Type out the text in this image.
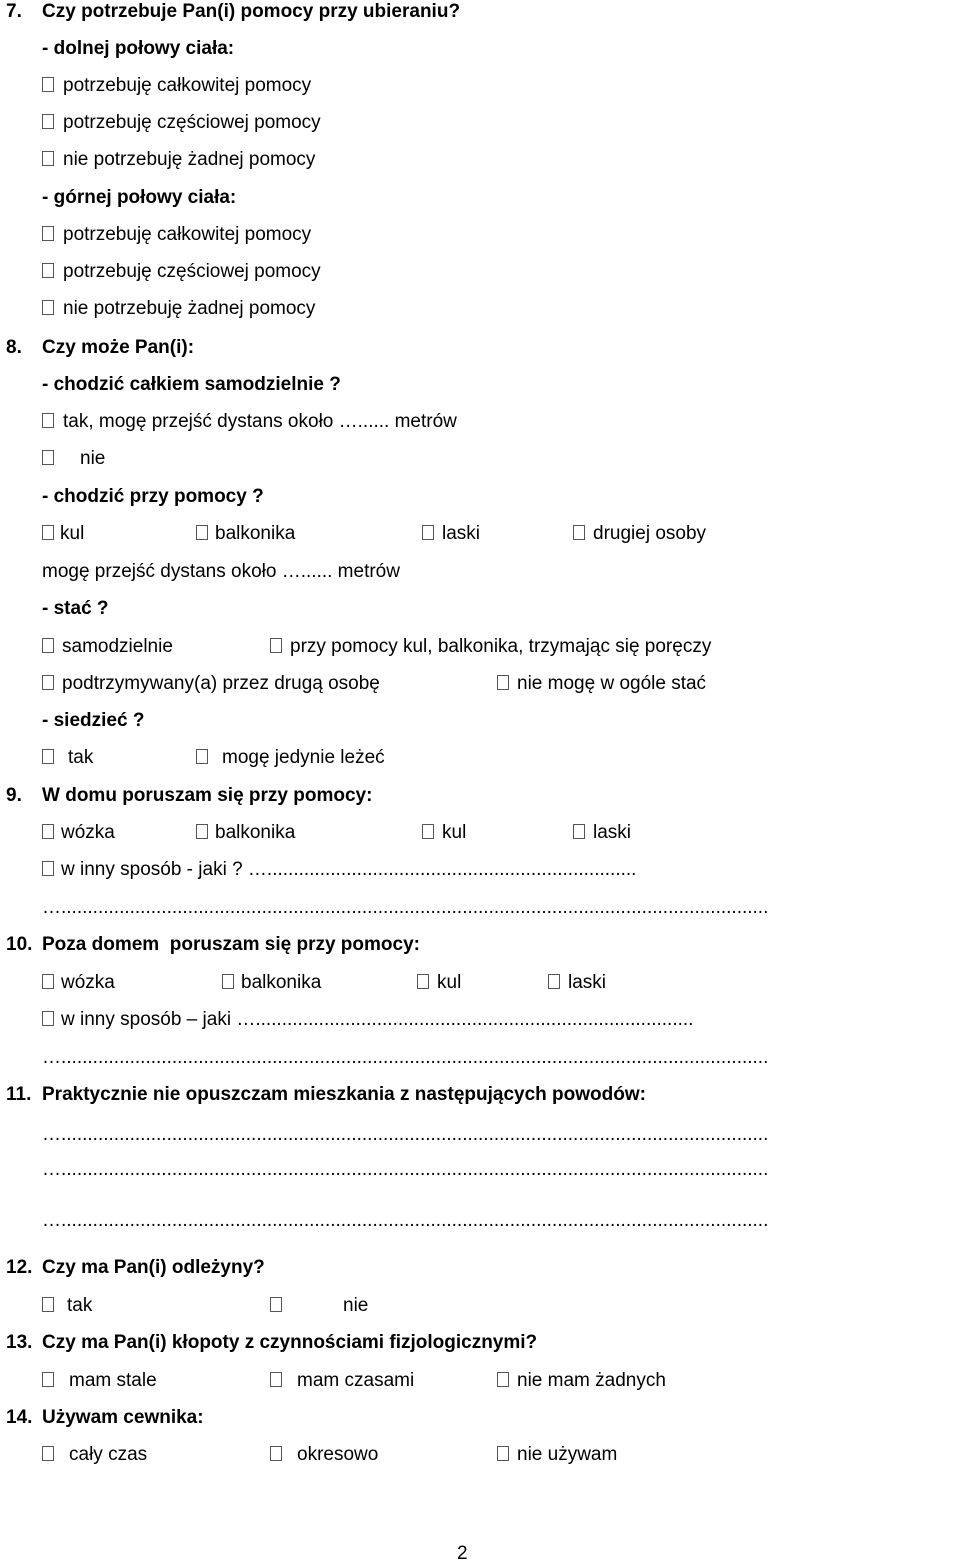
7. Czy potrzebuje Pan(i) pomocy przy ubieraniu?
- dolnej połowy ciała:
potrzebuję całkowitej pomocy
potrzebuję częściowej pomocy
nie potrzebuję żadnej pomocy
- górnej połowy ciała:
potrzebuję całkowitej pomocy
potrzebuję częściowej pomocy
nie potrzebuję żadnej pomocy
8. Czy może Pan(i):
- chodzić całkiem samodzielnie ?
tak, mogę przejść dystans około …...... metrów
nie
- chodzić przy pomocy ?
kul	balkonika	laski	drugiej osoby
mogę przejść dystans około …...... metrów
- stać ?
samodzielnie	przy pomocy kul, balkonika, trzymając się poręczy
podtrzymywany(a) przez drugą osobę	nie mogę w ogóle stać
- siedzieć ?
tak	mogę jedynie leżeć
9. W domu poruszam się przy pomocy:
wózka	balkonika	kul	laski
w inny sposób - jaki ? …......................................................................
…......................................................................................................................................
10. Poza domem  poruszam się przy pomocy:
wózka	balkonika	kul	laski
w inny sposób – jaki …...................................................................................
…......................................................................................................................................
11. Praktycznie nie opuszczam mieszkania z następujących powodów:
…......................................................................................................................................
…......................................................................................................................................
…......................................................................................................................................
12. Czy ma Pan(i) odleżyny?
tak	nie
13. Czy ma Pan(i) kłopoty z czynnościami fizjologicznymi?
mam stale	mam czasami	nie mam żadnych
14. Używam cewnika:
cały czas	okresowo	nie używam
2
